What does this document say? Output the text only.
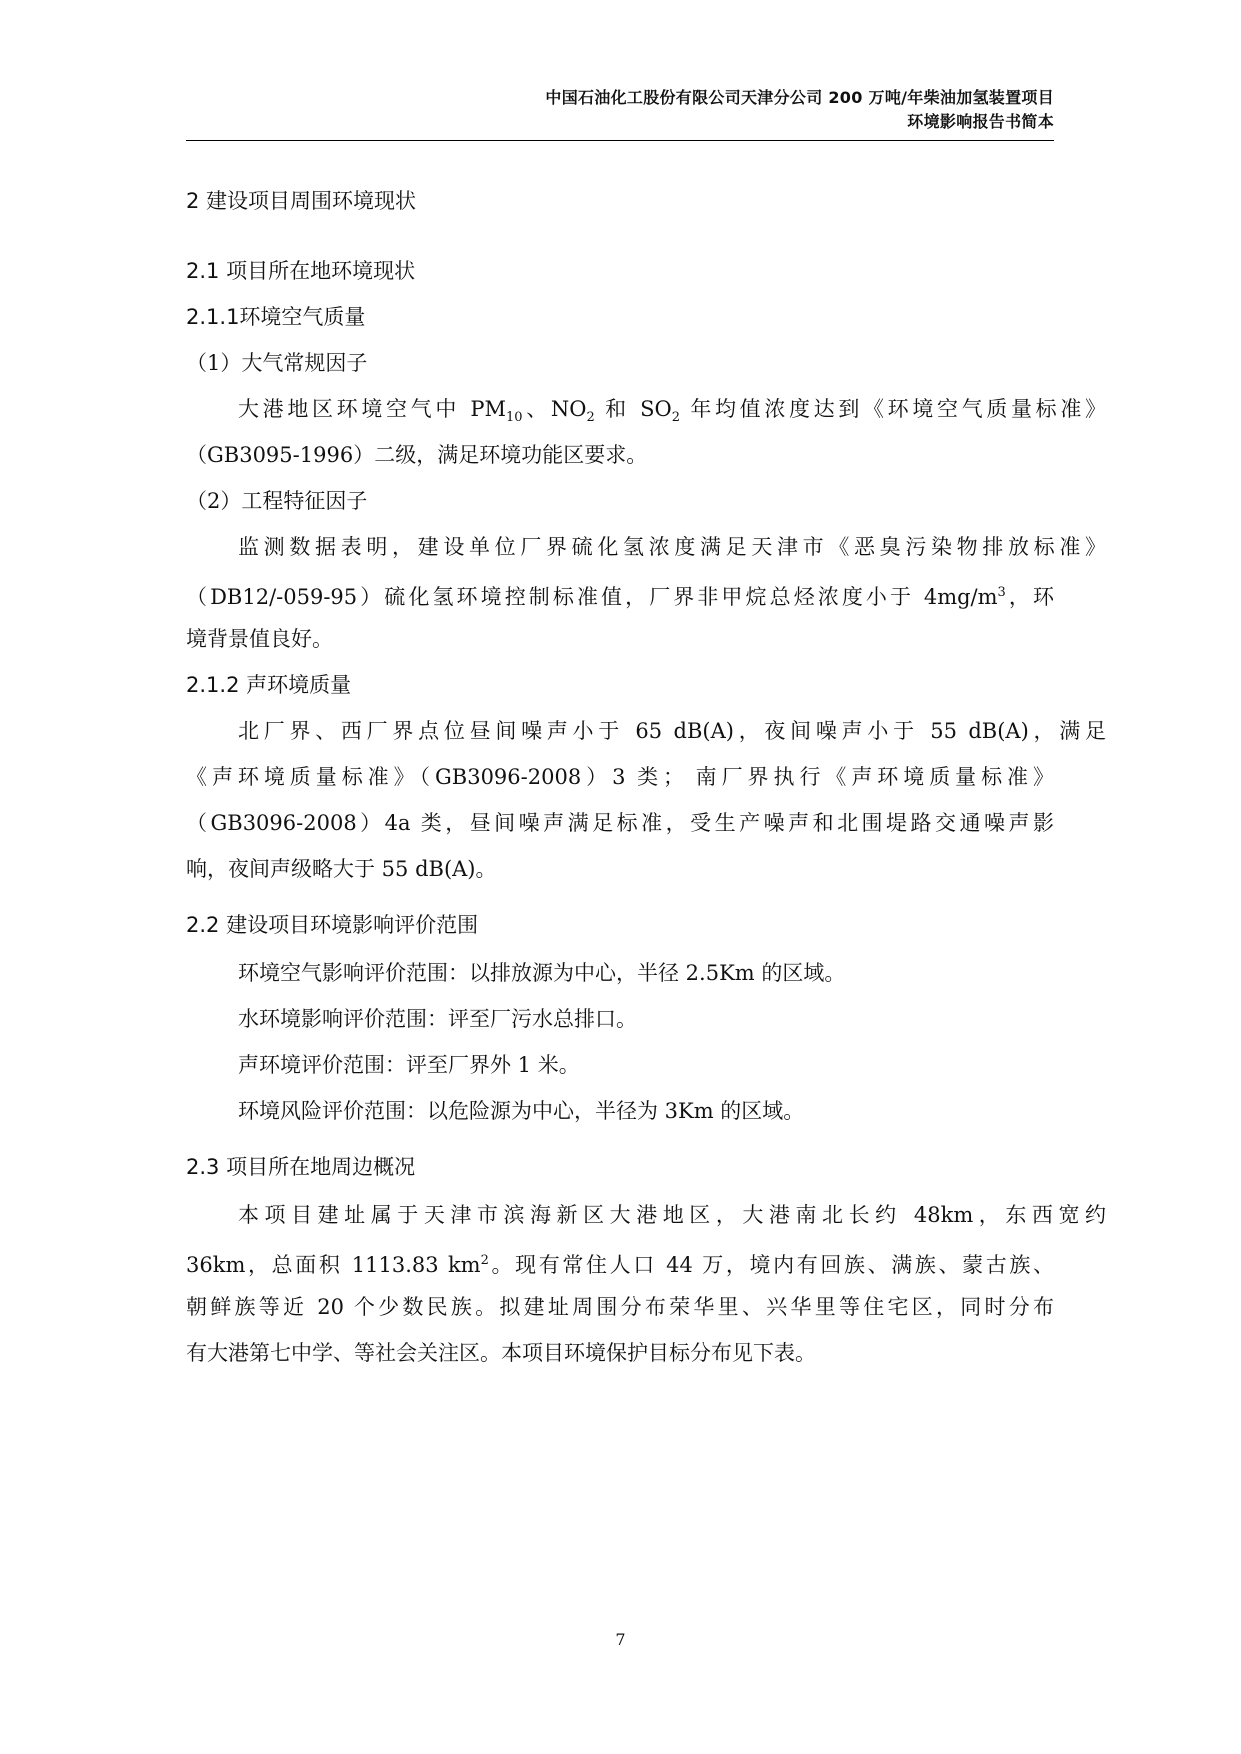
中国石油化工股份有限公司天津分公司 200 万吨/年柴油加氢装置项目
环境影响报告书简本
2 建设项目周围环境现状
2.1 项目所在地环境现状
2.1.1环境空气质量
（1）大气常规因子
大港地区环境空气中 $PM_{10}$、$NO_2$ 和 $SO_2$ 年均值浓度达到《环境空气质量标准》
（GB3095-1996）二级，满足环境功能区要求。
（2）工程特征因子
监测数据表明，建设单位厂界硫化氢浓度满足天津市《恶臭污染物排放标准》
（DB12/-059-95）硫化氢环境控制标准值，厂界非甲烷总烃浓度小于 $4mg/m^3$，环
境背景值良好。
2.1.2 声环境质量
北厂界、西厂界点位昼间噪声小于 65 dB(A)，夜间噪声小于 55 dB(A)，满足
《声环境质量标准》（GB3096-2008）3 类； 南厂界执行《声环境质量标准》
（GB3096-2008）4a 类，昼间噪声满足标准，受生产噪声和北围堤路交通噪声影
响，夜间声级略大于 55 dB(A)。
2.2 建设项目环境影响评价范围
环境空气影响评价范围：以排放源为中心，半径 2.5Km 的区域。
水环境影响评价范围：评至厂污水总排口。
声环境评价范围：评至厂界外 1 米。
环境风险评价范围：以危险源为中心，半径为 3Km 的区域。
2.3 项目所在地周边概况
本项目建址属于天津市滨海新区大港地区，大港南北长约 48km，东西宽约
36km，总面积 1113.83 $km^2$。现有常住人口 44 万，境内有回族、满族、蒙古族、
朝鲜族等近 20 个少数民族。拟建址周围分布荣华里、兴华里等住宅区，同时分布
有大港第七中学、等社会关注区。本项目环境保护目标分布见下表。
7
